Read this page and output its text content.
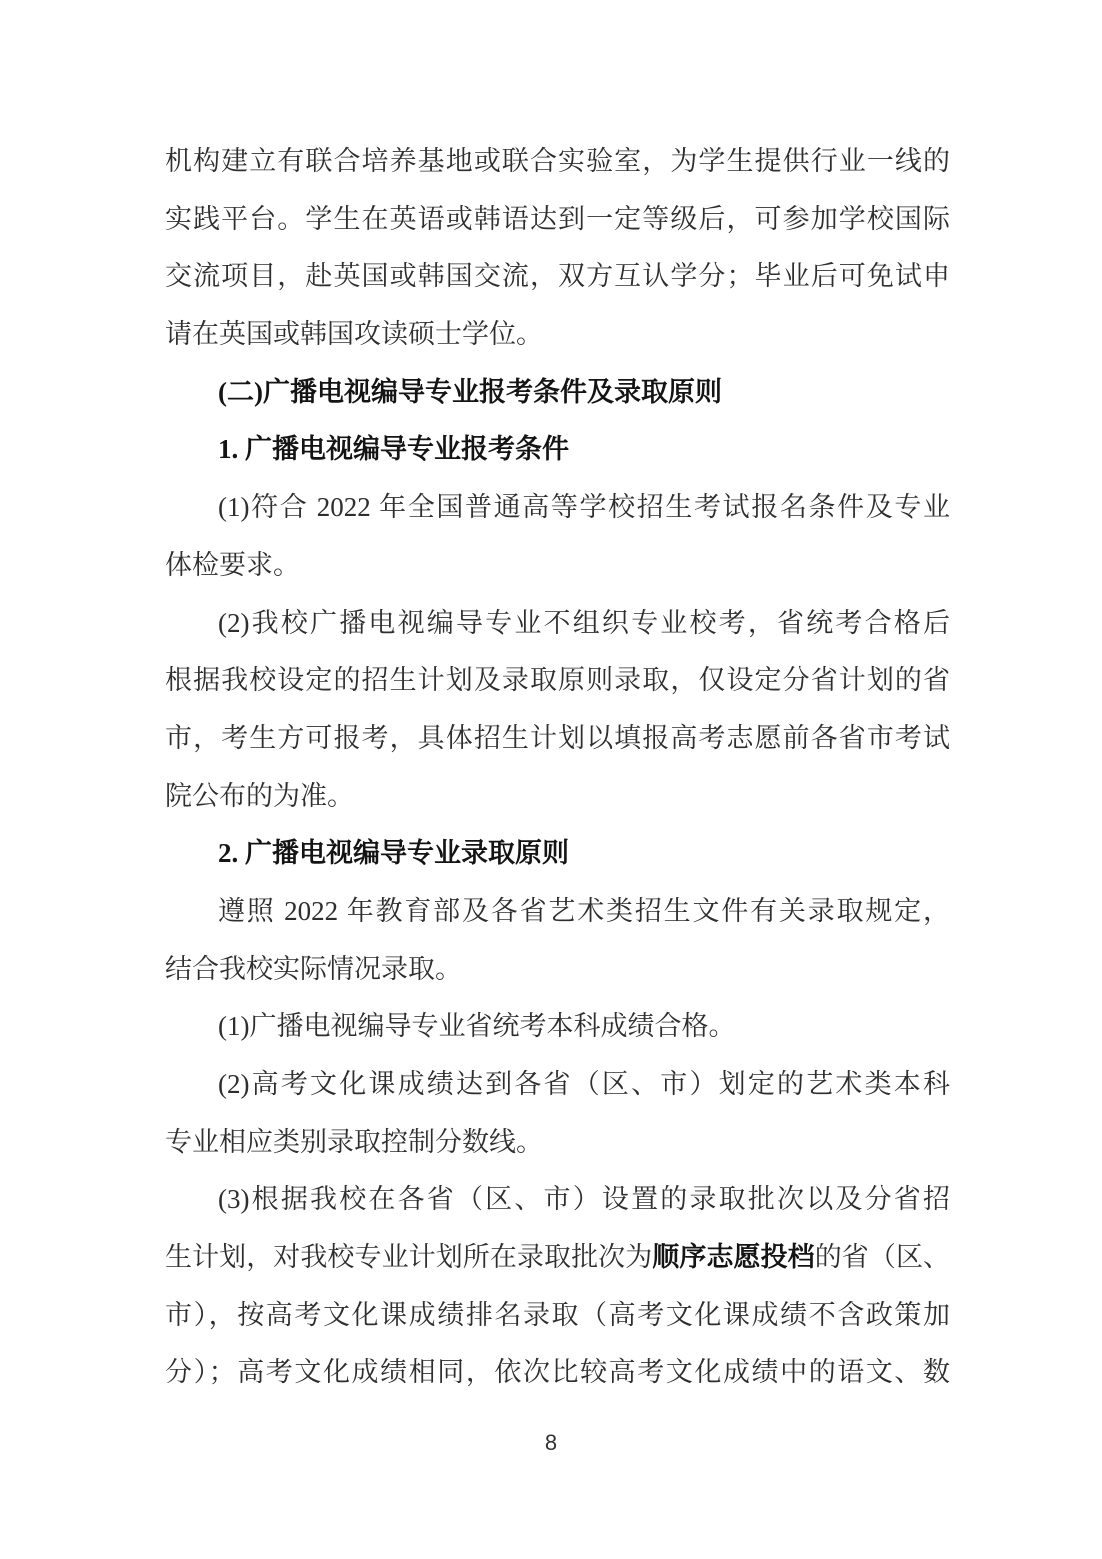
机构建立有联合培养基地或联合实验室，为学生提供行业一线的
实践平台。学生在英语或韩语达到一定等级后，可参加学校国际
交流项目，赴英国或韩国交流，双方互认学分；毕业后可免试申
请在英国或韩国攻读硕士学位。
(二)广播电视编导专业报考条件及录取原则
1. 广播电视编导专业报考条件
(1)符合 2022 年全国普通高等学校招生考试报名条件及专业
体检要求。
(2)我校广播电视编导专业不组织专业校考，省统考合格后
根据我校设定的招生计划及录取原则录取，仅设定分省计划的省
市，考生方可报考，具体招生计划以填报高考志愿前各省市考试
院公布的为准。
2. 广播电视编导专业录取原则
遵照 2022 年教育部及各省艺术类招生文件有关录取规定，
结合我校实际情况录取。
(1)广播电视编导专业省统考本科成绩合格。
(2)高考文化课成绩达到各省（区、市）划定的艺术类本科
专业相应类别录取控制分数线。
(3)根据我校在各省（区、市）设置的录取批次以及分省招
生计划，对我校专业计划所在录取批次为顺序志愿投档的省（区、
市），按高考文化课成绩排名录取（高考文化课成绩不含政策加
分）；高考文化成绩相同，依次比较高考文化成绩中的语文、数
8
